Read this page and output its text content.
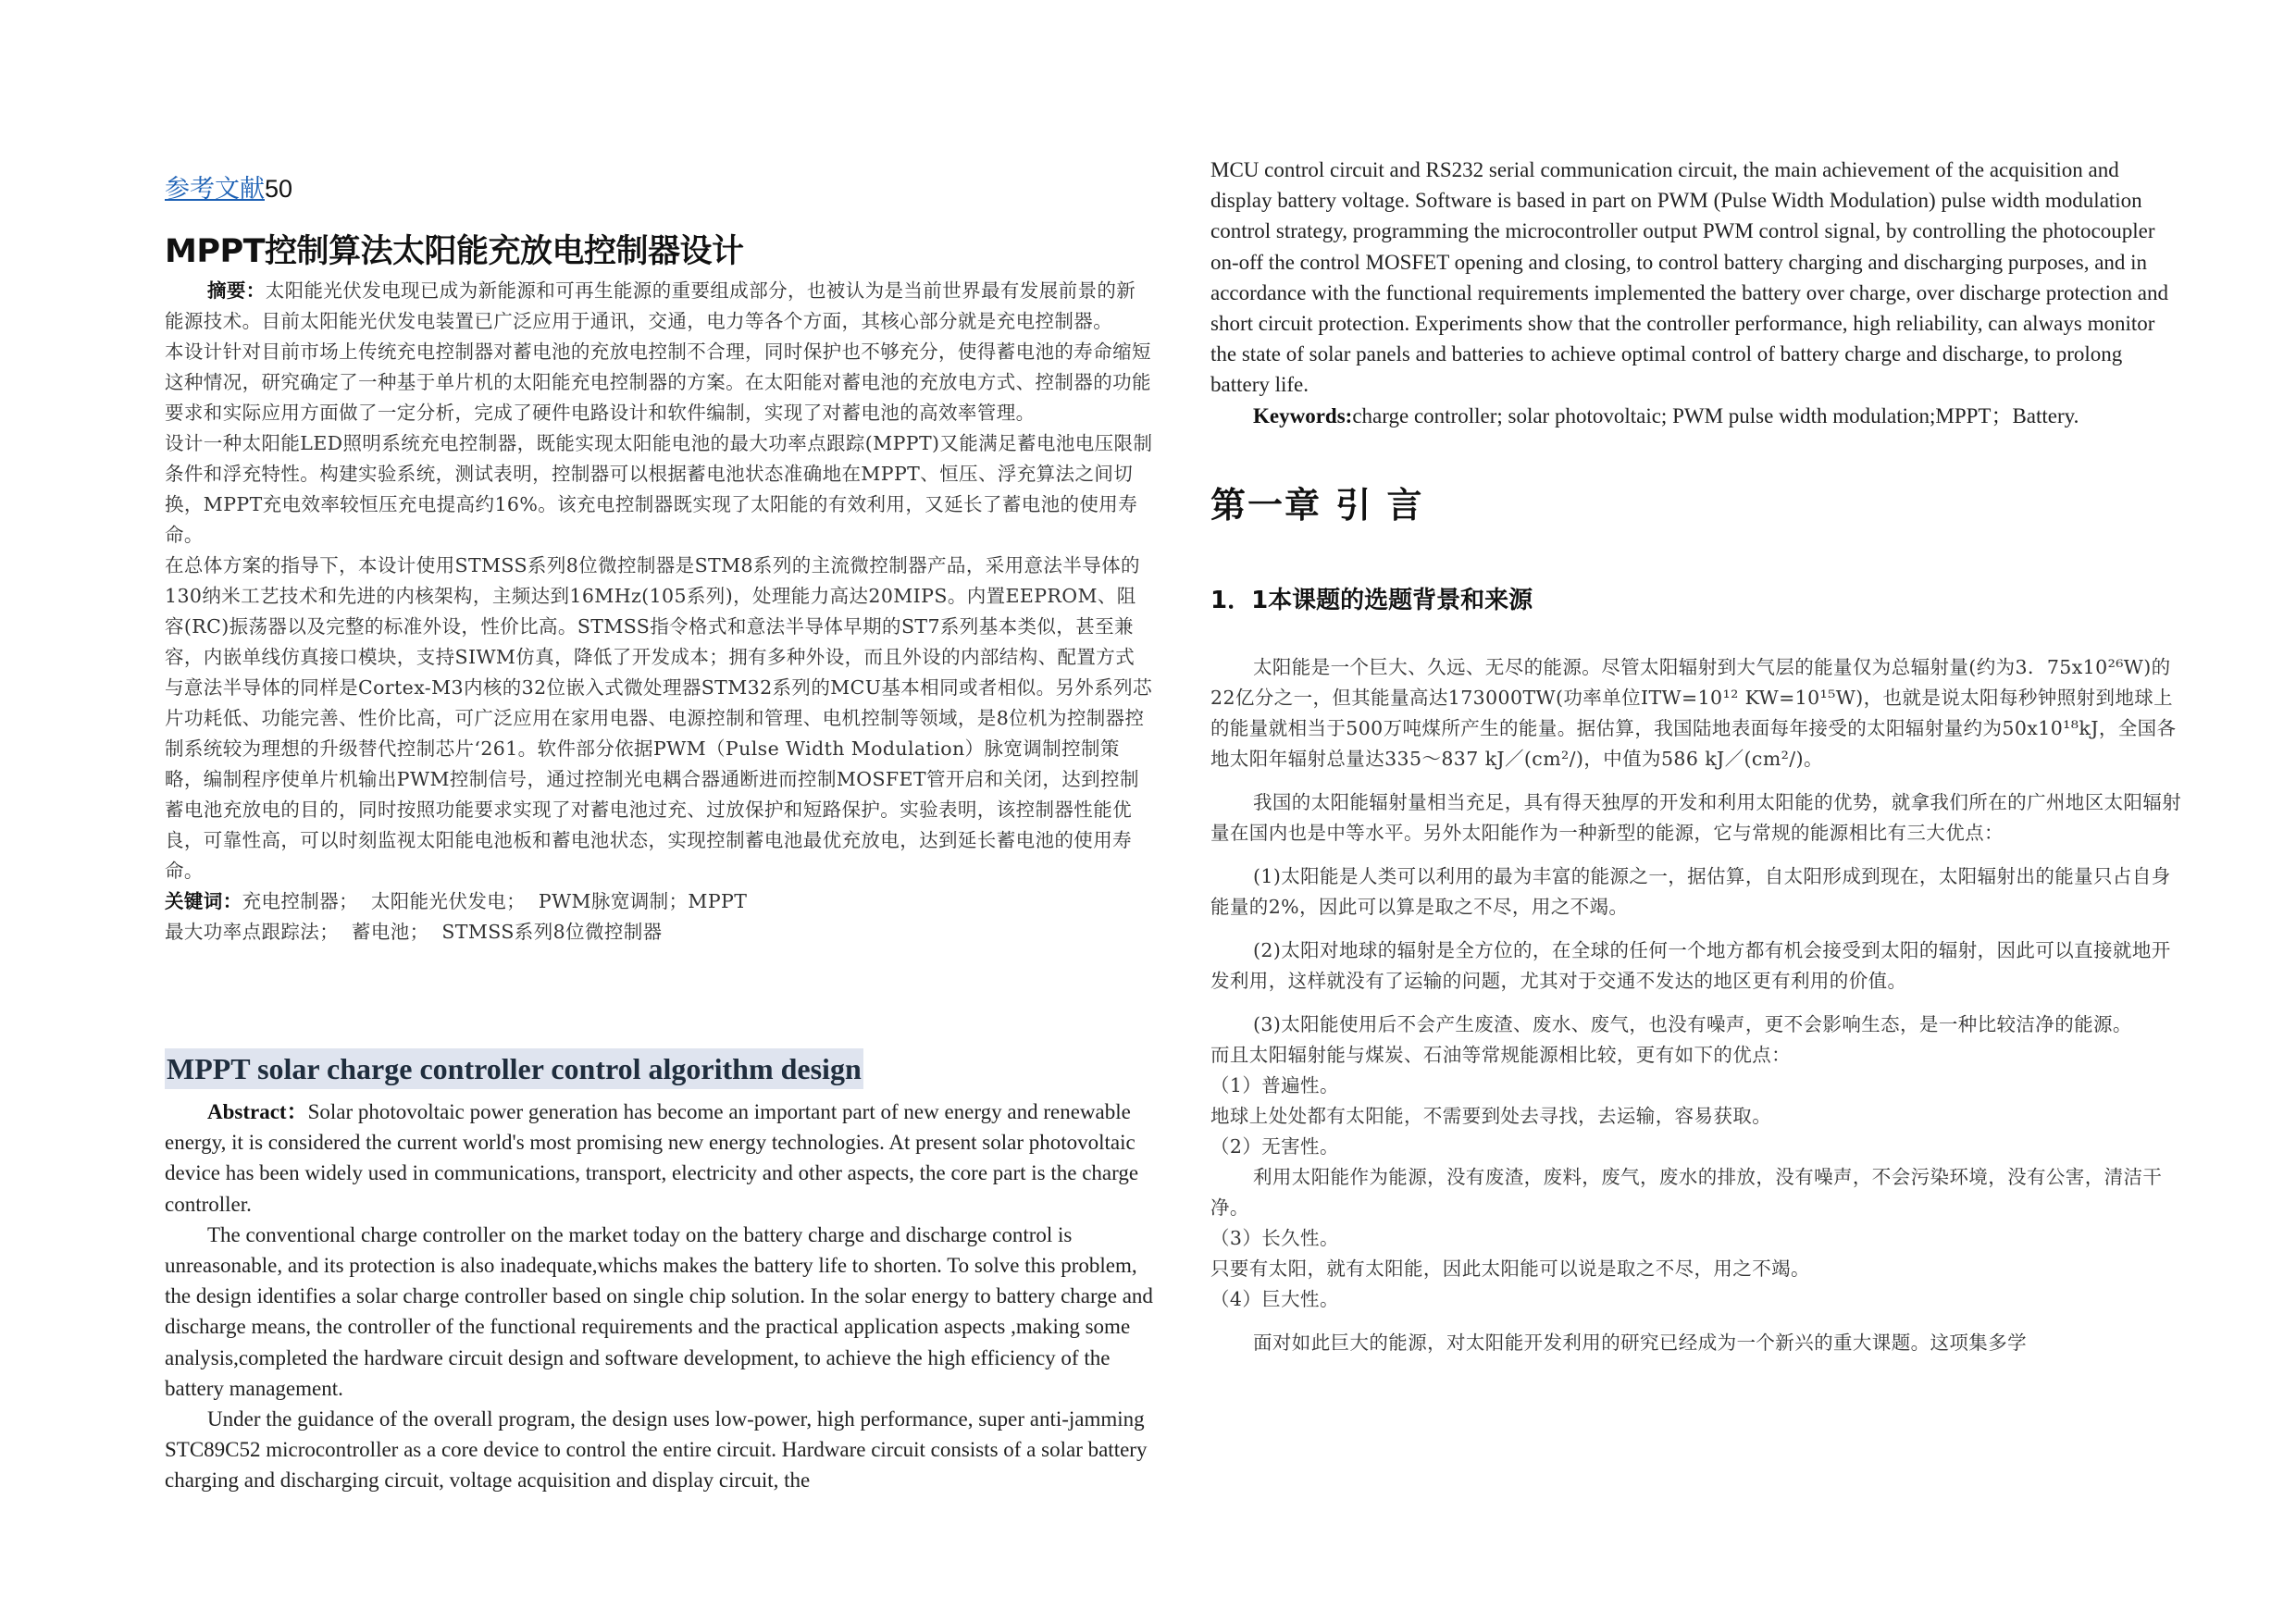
参考文献50
MPPT控制算法太阳能充放电控制器设计

摘要：太阳能光伏发电现已成为新能源和可再生能源的重要组成部分，也被认为是当前世界最有发展前景的新能源技术。目前太阳能光伏发电装置已广泛应用于通讯，交通，电力等各个方面，其核心部分就是充电控制器。

本设计针对目前市场上传统充电控制器对蓄电池的充放电控制不合理，同时保护也不够充分，使得蓄电池的寿命缩短这种情况，研究确定了一种基于单片机的太阳能充电控制器的方案。在太阳能对蓄电池的充放电方式、控制器的功能要求和实际应用方面做了一定分析，完成了硬件电路设计和软件编制，实现了对蓄电池的高效率管理。

设计一种太阳能LED照明系统充电控制器，既能实现太阳能电池的最大功率点跟踪(MPPT)又能满足蓄电池电压限制条件和浮充特性。构建实验系统，测试表明，控制器可以根据蓄电池状态准确地在MPPT、恒压、浮充算法之间切换，MPPT充电效率较恒压充电提高约16%。该充电控制器既实现了太阳能的有效利用，又延长了蓄电池的使用寿命。

在总体方案的指导下，本设计使用STMSS系列8位微控制器是STM8系列的主流微控制器产品，采用意法半导体的130纳米工艺技术和先进的内核架构，主频达到16MHz(105系列)，处理能力高达20MIPS。内置EEPROM、阻容(RC)振荡器以及完整的标准外设，性价比高。STMSS指令格式和意法半导体早期的ST7系列基本类似，甚至兼容，内嵌单线仿真接口模块，支持SIWM仿真，降低了开发成本；拥有多种外设，而且外设的内部结构、配置方式与意法半导体的同样是Cortex-M3内核的32位嵌入式微处理器STM32系列的MCU基本相同或者相似。另外系列芯片功耗低、功能完善、性价比高，可广泛应用在家用电器、电源控制和管理、电机控制等领域，是8位机为控制器控制系统较为理想的升级替代控制芯片‘261。软件部分依据PWM（Pulse Width Modulation）脉宽调制控制策略，编制程序使单片机输出PWM控制信号，通过控制光电耦合器通断进而控制MOSFET管开启和关闭，达到控制蓄电池充放电的目的，同时按照功能要求实现了对蓄电池过充、过放保护和短路保护。实验表明，该控制器性能优良，可靠性高，可以时刻监视太阳能电池板和蓄电池状态，实现控制蓄电池最优充放电，达到延长蓄电池的使用寿命。

关键词：充电控制器；  太阳能光伏发电；  PWM脉宽调制；MPPT

最大功率点跟踪法；  蓄电池；  STMSS系列8位微控制器

MPPT solar charge controller control algorithm design

Abstract：Solar photovoltaic power generation has become an important part of new energy and renewable energy, it is considered the current world's most promising new energy technologies. At present solar photovoltaic device has been widely used in communications, transport, electricity and other aspects, the core part is the charge controller.

The conventional charge controller on the market today on the battery charge and discharge control is unreasonable, and its protection is also inadequate,whichs makes the battery life to shorten. To solve this problem, the design identifies a solar charge controller based on single chip solution. In the solar energy to battery charge and discharge means, the controller of the functional requirements and the practical application aspects ,making some analysis,completed the hardware circuit design and software development, to achieve the high efficiency of the battery management.

Under the guidance of the overall program, the design uses low-power, high performance, super anti-jamming STC89C52 microcontroller as a core device to control the entire circuit. Hardware circuit consists of a solar battery charging and discharging circuit, voltage acquisition and display circuit, the

MCU control circuit and RS232 serial communication circuit, the main achievement of the acquisition and display battery voltage. Software is based in part on PWM (Pulse Width Modulation) pulse width modulation control strategy, programming the microcontroller output PWM control signal, by controlling the photocoupler on-off the control MOSFET opening and closing, to control battery charging and discharging purposes, and in accordance with the functional requirements implemented the battery over charge, over discharge protection and short circuit protection. Experiments show that the controller performance, high reliability, can always monitor the state of solar panels and batteries to achieve optimal control of battery charge and discharge, to prolong battery life.

Keywords:charge controller; solar photovoltaic; PWM pulse width modulation;MPPT；Battery.

第一章 引 言
1．1本课题的选题背景和来源

太阳能是一个巨大、久远、无尽的能源。尽管太阳辐射到大气层的能量仅为总辐射量(约为3．75x10²⁶W)的22亿分之一，但其能量高达173000TW(功率单位ITW=10¹² KW=10¹⁵W)，也就是说太阳每秒钟照射到地球上的能量就相当于500万吨煤所产生的能量。据估算，我国陆地表面每年接受的太阳辐射量约为50x10¹⁸kJ，全国各地太阳年辐射总量达335～837 kJ／(cm²/)，中值为586 kJ／(cm²/)。

我国的太阳能辐射量相当充足，具有得天独厚的开发和利用太阳能的优势，就拿我们所在的广州地区太阳辐射量在国内也是中等水平。另外太阳能作为一种新型的能源，它与常规的能源相比有三大优点：

(1)太阳能是人类可以利用的最为丰富的能源之一，据估算，自太阳形成到现在，太阳辐射出的能量只占自身能量的2%，因此可以算是取之不尽，用之不竭。

(2)太阳对地球的辐射是全方位的，在全球的任何一个地方都有机会接受到太阳的辐射，因此可以直接就地开发利用，这样就没有了运输的问题，尤其对于交通不发达的地区更有利用的价值。

(3)太阳能使用后不会产生废渣、废水、废气，也没有噪声，更不会影响生态，是一种比较洁净的能源。

而且太阳辐射能与煤炭、石油等常规能源相比较，更有如下的优点：

（1）普遍性。

地球上处处都有太阳能，不需要到处去寻找，去运输，容易获取。

（2）无害性。

利用太阳能作为能源，没有废渣，废料，废气，废水的排放，没有噪声，不会污染环境，没有公害，清洁干净。

（3）长久性。

只要有太阳，就有太阳能，因此太阳能可以说是取之不尽，用之不竭。

（4）巨大性。

面对如此巨大的能源，对太阳能开发利用的研究已经成为一个新兴的重大课题。这项集多学
